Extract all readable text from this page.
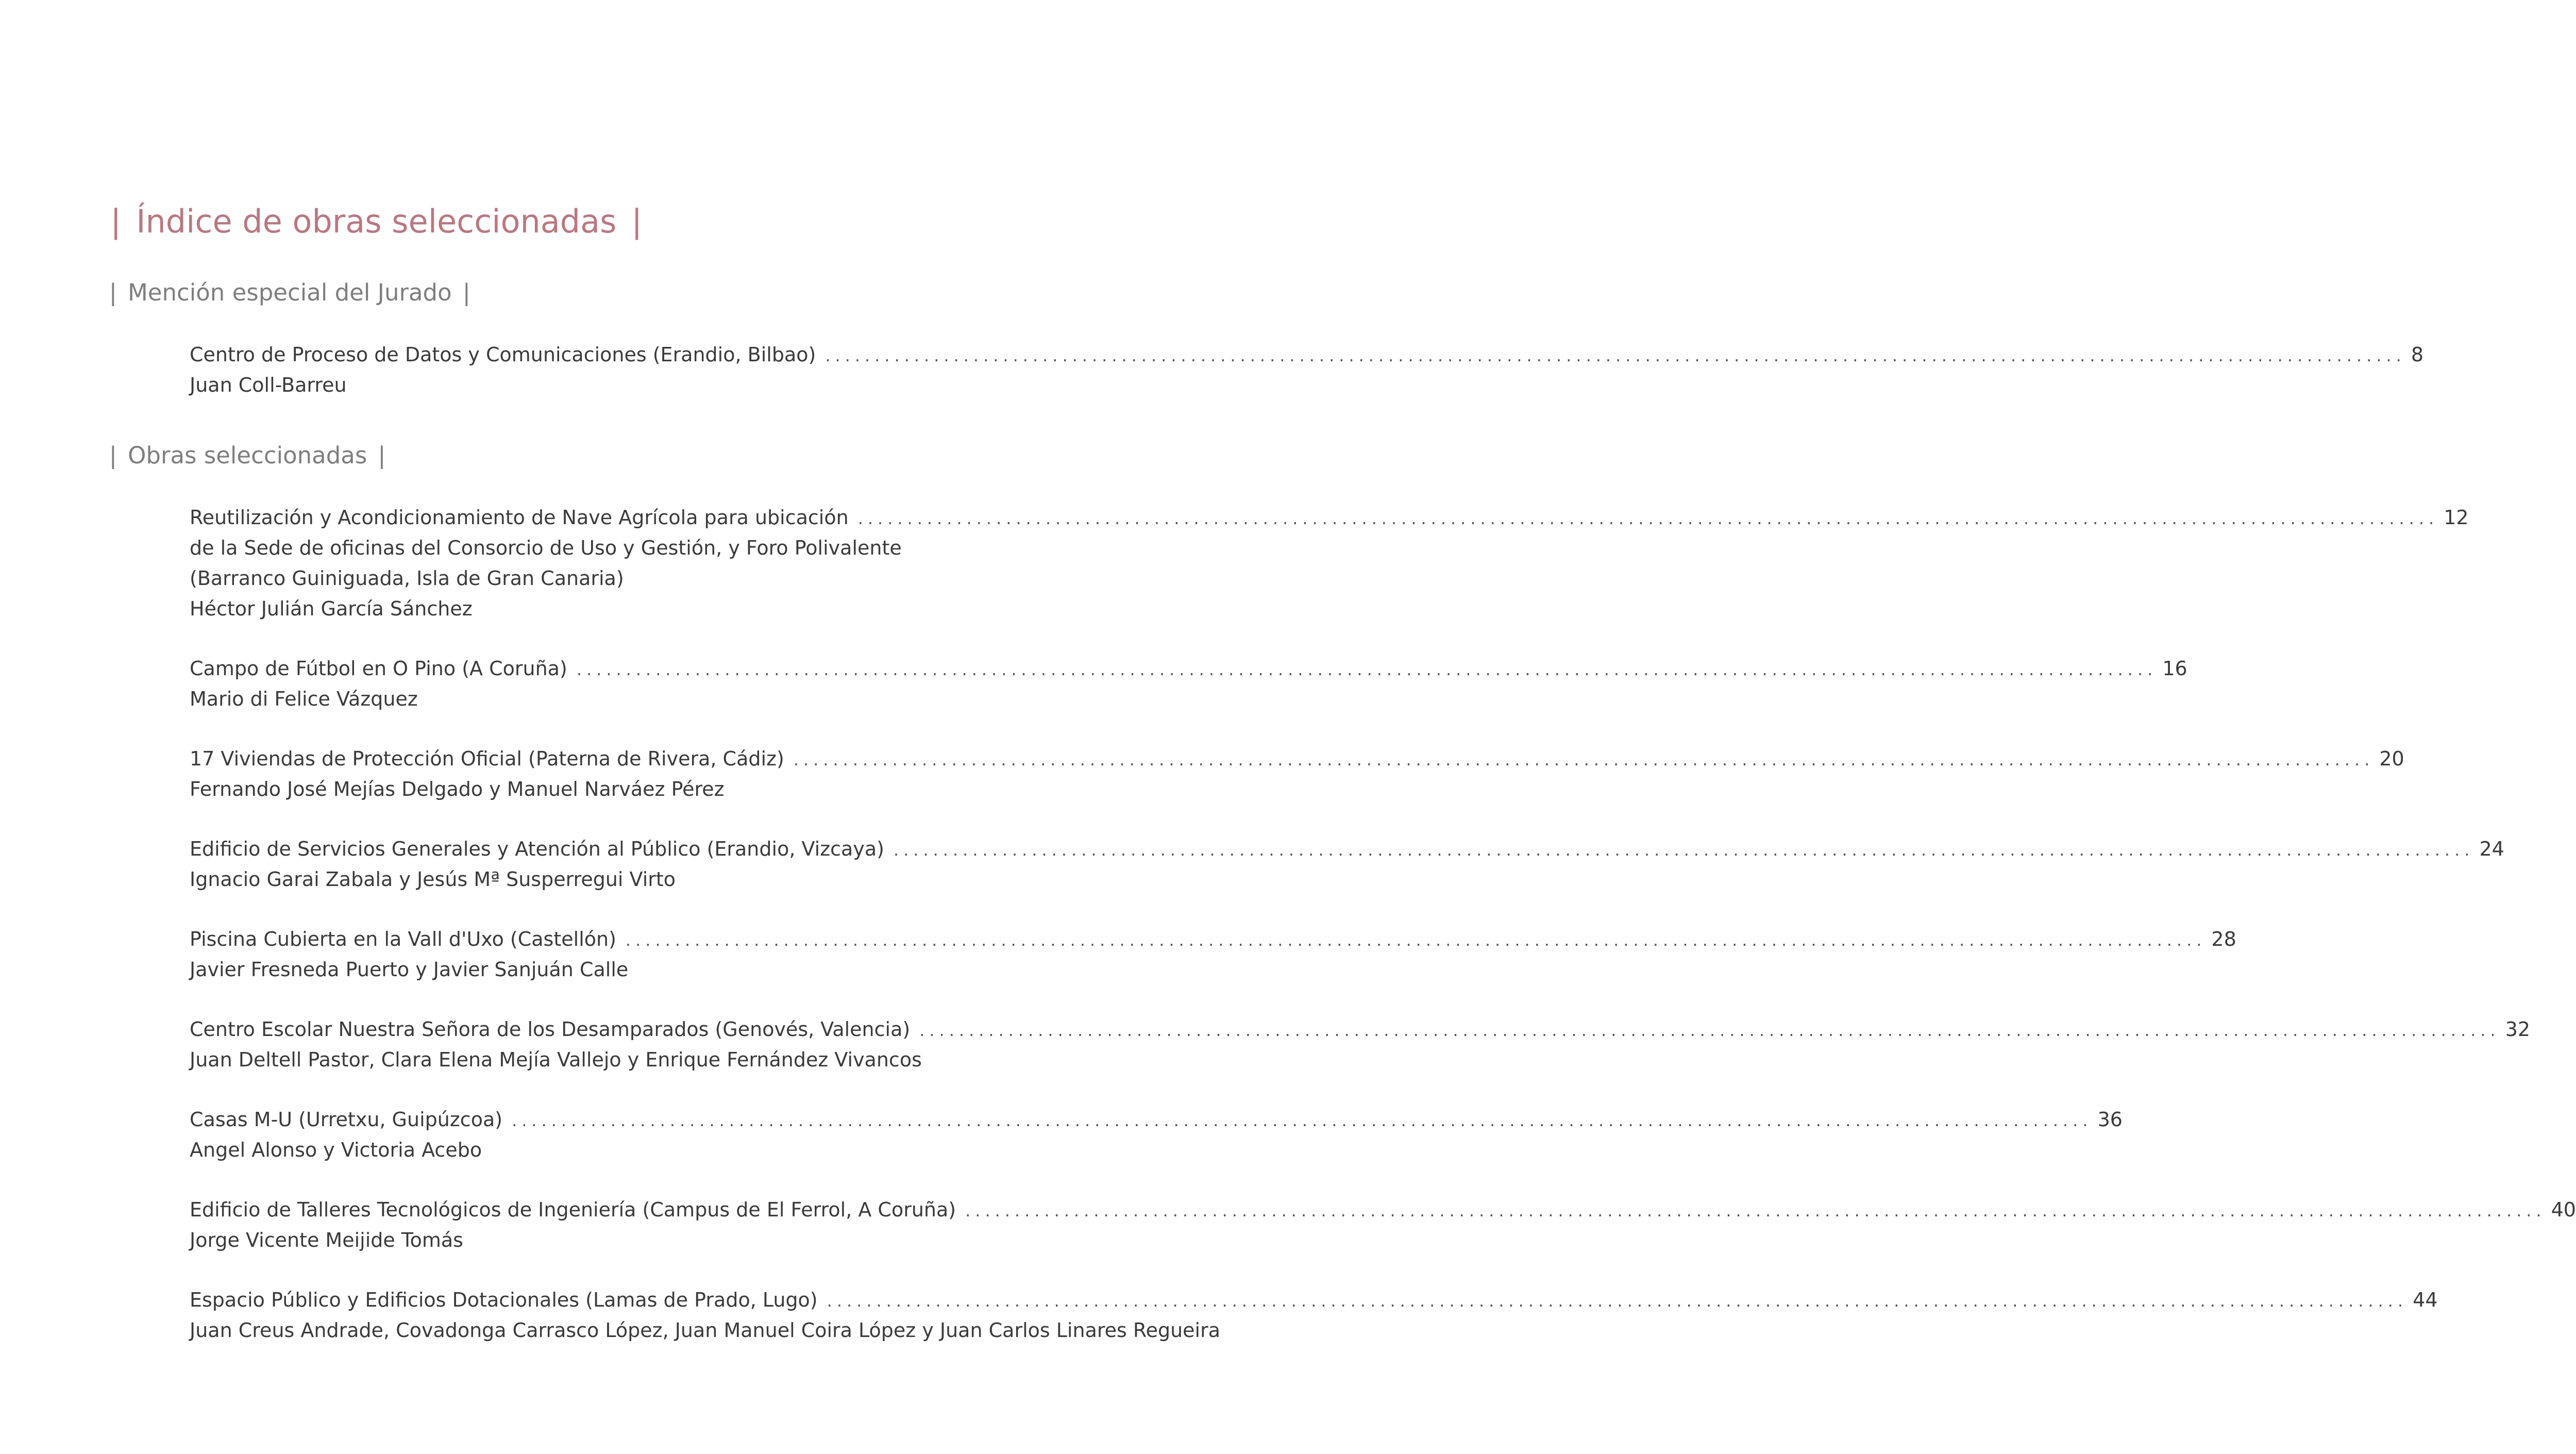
| Índice de obras seleccionadas |
| Mención especial del Jurado |
Centro de Proceso de Datos y Comunicaciones (Erandio, Bilbao) ................................................................................................................................................................ 8
Juan Coll-Barreu
| Obras seleccionadas |
Reutilización y Acondicionamiento de Nave Agrícola para ubicación ................................................................................................................................................................ 12
de la Sede de oficinas del Consorcio de Uso y Gestión, y Foro Polivalente
(Barranco Guiniguada, Isla de Gran Canaria)
Héctor Julián García Sánchez
Campo de Fútbol en O Pino (A Coruña) ................................................................................................................................................................ 16
Mario di Felice Vázquez
17 Viviendas de Protección Oficial (Paterna de Rivera, Cádiz) ................................................................................................................................................................ 20
Fernando José Mejías Delgado y Manuel Narváez Pérez
Edificio de Servicios Generales y Atención al Público (Erandio, Vizcaya) ................................................................................................................................................................ 24
Ignacio Garai Zabala y Jesús Mª Susperregui Virto
Piscina Cubierta en la Vall d'Uxo (Castellón) ................................................................................................................................................................ 28
Javier Fresneda Puerto y Javier Sanjuán Calle
Centro Escolar Nuestra Señora de los Desamparados (Genovés, Valencia) ................................................................................................................................................................ 32
Juan Deltell Pastor, Clara Elena Mejía Vallejo y Enrique Fernández Vivancos
Casas M-U (Urretxu, Guipúzcoa) ................................................................................................................................................................ 36
Angel Alonso y Victoria Acebo
Edificio de Talleres Tecnológicos de Ingeniería (Campus de El Ferrol, A Coruña) ................................................................................................................................................................ 40
Jorge Vicente Meijide Tomás
Espacio Público y Edificios Dotacionales (Lamas de Prado, Lugo) ................................................................................................................................................................ 44
Juan Creus Andrade, Covadonga Carrasco López, Juan Manuel Coira López y Juan Carlos Linares Regueira
